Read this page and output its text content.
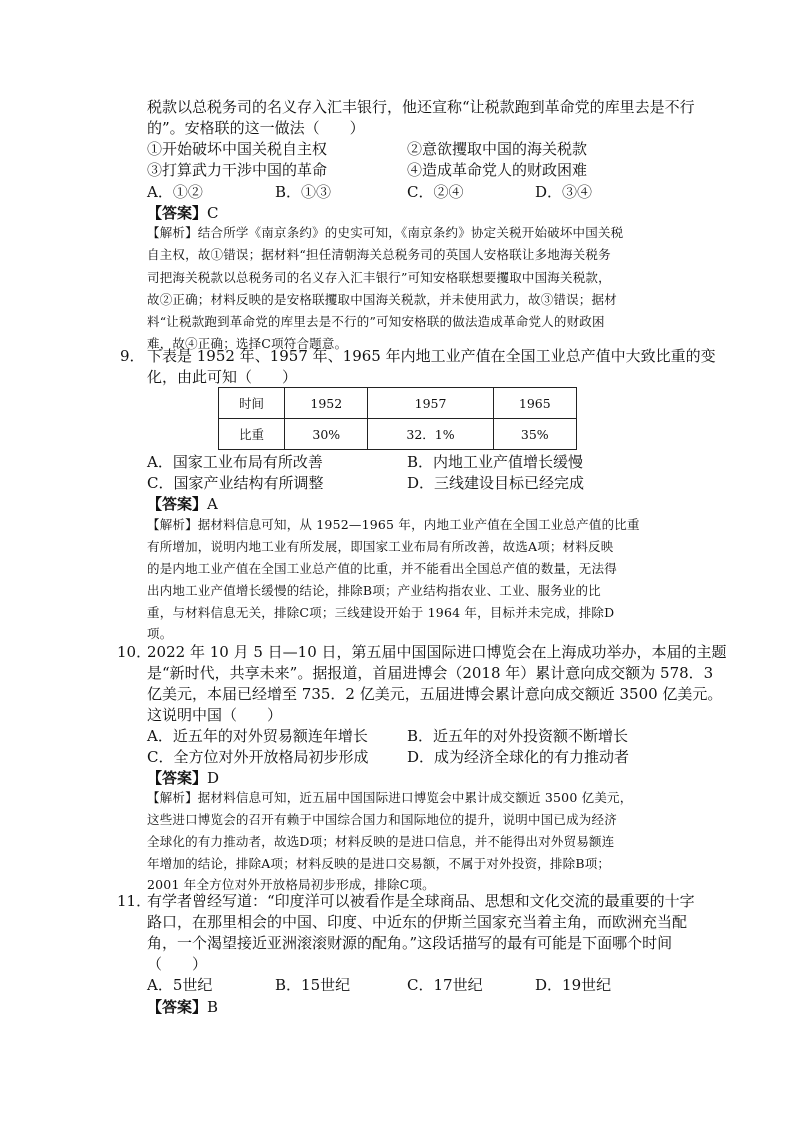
税款以总税务司的名义存入汇丰银行，他还宣称“让税款跑到革命党的库里去是不行
的”。安格联的这一做法（　　）
①开始破坏中国关税自主权	②意欲攫取中国的海关税款
③打算武力干涉中国的革命	④造成革命党人的财政困难
A．①②	B．①③	C．②④	D．③④
【答案】C
【解析】结合所学《南京条约》的史实可知，《南京条约》协定关税开始破坏中国关税
自主权，故①错误；据材料“担任清朝海关总税务司的英国人安格联让多地海关税务
司把海关税款以总税务司的名义存入汇丰银行”可知安格联想要攫取中国海关税款，
故②正确；材料反映的是安格联攫取中国海关税款，并未使用武力，故③错误；据材
料“让税款跑到革命党的库里去是不行的”可知安格联的做法造成革命党人的财政困
难，故④正确；选择C项符合题意。
9． 下表是 1952 年、1957 年、1965 年内地工业产值在全国工业总产值中大致比重的变
化，由此可知（　　）
时间	1952	1957	1965
比重	30%	32．1%	35%
A．国家工业布局有所改善	B．内地工业产值增长缓慢
C．国家产业结构有所调整	D．三线建设目标已经完成
【答案】A
【解析】据材料信息可知，从 1952—1965 年，内地工业产值在全国工业总产值的比重
有所增加，说明内地工业有所发展，即国家工业布局有所改善，故选A项；材料反映
的是内地工业产值在全国工业总产值的比重，并不能看出全国总产值的数量，无法得
出内地工业产值增长缓慢的结论，排除B项；产业结构指农业、工业、服务业的比
重，与材料信息无关，排除C项；三线建设开始于 1964 年，目标并未完成，排除D
项。
10．
2022 年 10 月 5 日—10 日，第五届中国国际进口博览会在上海成功举办，本届的主题
是“新时代，共享未来”。据报道，首届进博会（2018 年）累计意向成交额为 578．3
亿美元，本届已经增至 735．2 亿美元，五届进博会累计意向成交额近 3500 亿美元。
这说明中国（　　）
A．近五年的对外贸易额连年增长	B．近五年的对外投资额不断增长
C．全方位对外开放格局初步形成	D．成为经济全球化的有力推动者
【答案】D
【解析】据材料信息可知，近五届中国国际进口博览会中累计成交额近 3500 亿美元，
这些进口博览会的召开有赖于中国综合国力和国际地位的提升，说明中国已成为经济
全球化的有力推动者，故选D项；材料反映的是进口信息，并不能得出对外贸易额连
年增加的结论，排除A项；材料反映的是进口交易额，不属于对外投资，排除B项；
2001 年全方位对外开放格局初步形成，排除C项。
11．
有学者曾经写道：“印度洋可以被看作是全球商品、思想和文化交流的最重要的十字
路口，在那里相会的中国、印度、中近东的伊斯兰国家充当着主角，而欧洲充当配
角，一个渴望接近亚洲滚滚财源的配角。”这段话描写的最有可能是下面哪个时间
（　　）
A．5世纪	B．15世纪	C．17世纪	D．19世纪
【答案】B
